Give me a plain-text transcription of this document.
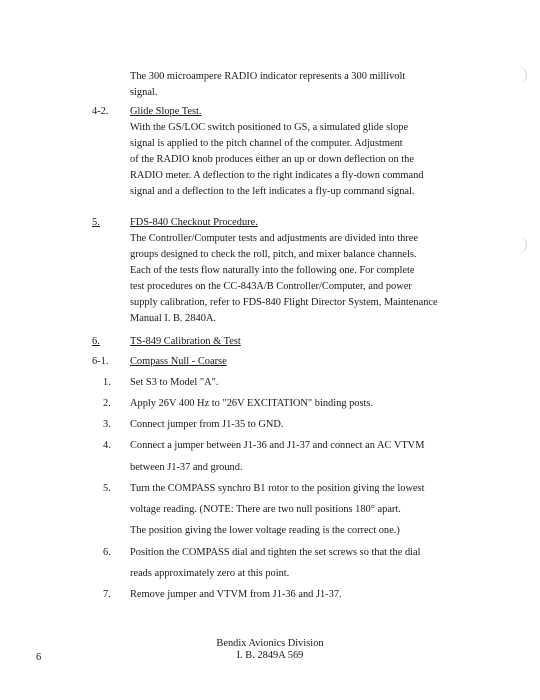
The 300 microampere RADIO indicator represents a 300 millivolt
signal.
4-2. Glide Slope Test.
With the GS/LOC switch positioned to GS, a simulated glide slope
signal is applied to the pitch channel of the computer. Adjustment
of the RADIO knob produces either an up or down deflection on the
RADIO meter. A deflection to the right indicates a fly-down command
signal and a deflection to the left indicates a fly-up command signal.
5.	FDS-840 Checkout Procedure.
The Controller/Computer tests and adjustments are divided into three
groups designed to check the roll, pitch, and mixer balance channels.
Each of the tests flow naturally into the following one. For complete
test procedures on the CC-843A/B Controller/Computer, and power
supply calibration, refer to FDS-840 Flight Director System, Maintenance
Manual I. B. 2840A.
6.	TS-849 Calibration & Test
6-1. Compass Null - Coarse
1. Set S3 to Model "A".
2. Apply 26V 400 Hz to "26V EXCITATION" binding posts.
3. Connect jumper from J1-35 to GND.
4. Connect a jumper between J1-36 and J1-37 and connect an AC VTVM
between J1-37 and ground.
5. Turn the COMPASS synchro B1 rotor to the position giving the lowest
voltage reading. (NOTE: There are two null positions 180° apart.
The position giving the lower voltage reading is the correct one.)
6. Position the COMPASS dial and tighten the set screws so that the dial
reads approximately zero at this point.
7. Remove jumper and VTVM from J1-36 and J1-37.
Bendix Avionics Division
I. B. 2849A 569
6
